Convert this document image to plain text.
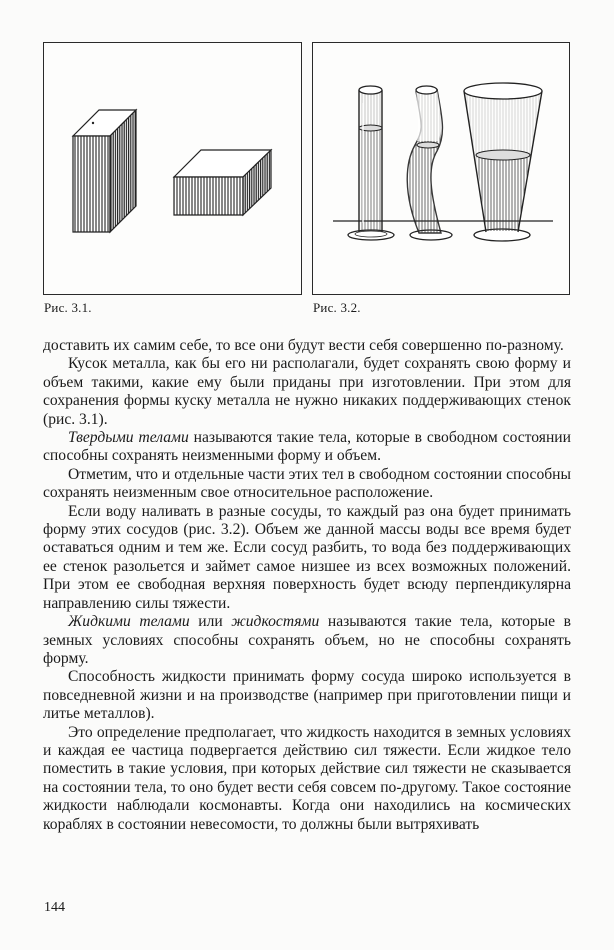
Рис. 3.1.	Рис. 3.2.

доставить их самим себе, то все они будут вести себя совершенно по-разному.

Кусок металла, как бы его ни располагали, будет сохранять свою форму и объем такими, какие ему были приданы при изготовлении. При этом для сохранения формы куску металла не нужно никаких поддерживающих стенок (рис. 3.1).

Твердыми телами называются такие тела, которые в свободном состоянии способны сохранять неизменными форму и объем.

Отметим, что и отдельные части этих тел в свободном состоянии способны сохранять неизменным свое относительное расположение.

Если воду наливать в разные сосуды, то каждый раз она будет принимать форму этих сосудов (рис. 3.2). Объем же данной массы воды все время будет оставаться одним и тем же. Если сосуд разбить, то вода без поддерживающих ее стенок разольется и займет самое низшее из всех возможных положений. При этом ее свободная верхняя поверхность будет всюду перпендикулярна направлению силы тяжести.

Жидкими телами или жидкостями называются такие тела, которые в земных условиях способны сохранять объем, но не способны сохранять форму.

Способность жидкости принимать форму сосуда широко используется в повседневной жизни и на производстве (например при приготовлении пищи и литье металлов).

Это определение предполагает, что жидкость находится в земных условиях и каждая ее частица подвергается действию сил тяжести. Если жидкое тело поместить в такие условия, при которых действие сил тяжести не сказывается на состоянии тела, то оно будет вести себя совсем по-другому. Такое состояние жидкости наблюдали космонавты. Когда они находились на космических кораблях в состоянии невесомости, то должны были вытряхивать

144
